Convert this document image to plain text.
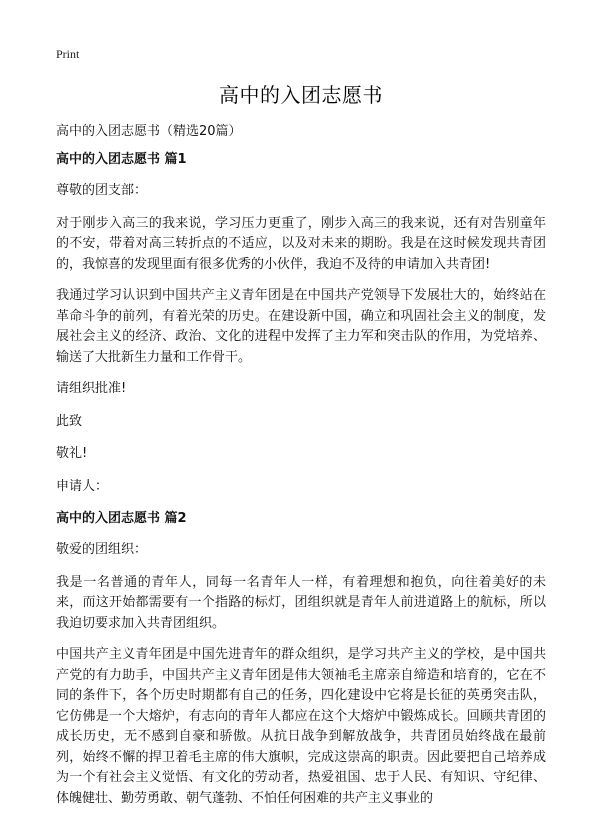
Print
高中的入团志愿书
高中的入团志愿书（精选20篇）
高中的入团志愿书 篇1
尊敬的团支部：
对于刚步入高三的我来说，学习压力更重了，刚步入高三的我来说，还有对告别童年的不安，带着对高三转折点的不适应，以及对未来的期盼。我是在这时候发现共青团的，我惊喜的发现里面有很多优秀的小伙伴，我迫不及待的申请加入共青团!
我通过学习认识到中国共产主义青年团是在中国共产党领导下发展壮大的，始终站在革命斗争的前列，有着光荣的历史。在建设新中国，确立和巩固社会主义的制度，发展社会主义的经济、政治、文化的进程中发挥了主力军和突击队的作用，为党培养、输送了大批新生力量和工作骨干。
请组织批准!
此致
敬礼!
申请人：
高中的入团志愿书 篇2
敬爱的团组织：
我是一名普通的青年人，同每一名青年人一样，有着理想和抱负，向往着美好的未来，而这开始都需要有一个指路的标灯，团组织就是青年人前进道路上的航标，所以我迫切要求加入共青团组织。
中国共产主义青年团是中国先进青年的群众组织，是学习共产主义的学校，是中国共产党的有力助手，中国共产主义青年团是伟大领袖毛主席亲自缔造和培育的，它在不同的条件下，各个历史时期都有自己的任务，四化建设中它将是长征的英勇突击队，它仿佛是一个大熔炉，有志向的青年人都应在这个大熔炉中锻炼成长。回顾共青团的成长历史，无不感到自豪和骄傲。从抗日战争到解放战争，共青团员始终战在最前列，始终不懈的捍卫着毛主席的伟大旗帜，完成这崇高的职责。因此要把自己培养成为一个有社会主义觉悟、有文化的劳动者，热爱祖国、忠于人民、有知识、守纪律、体魄健壮、勤劳勇敢、朝气蓬勃、不怕任何困难的共产主义事业的
